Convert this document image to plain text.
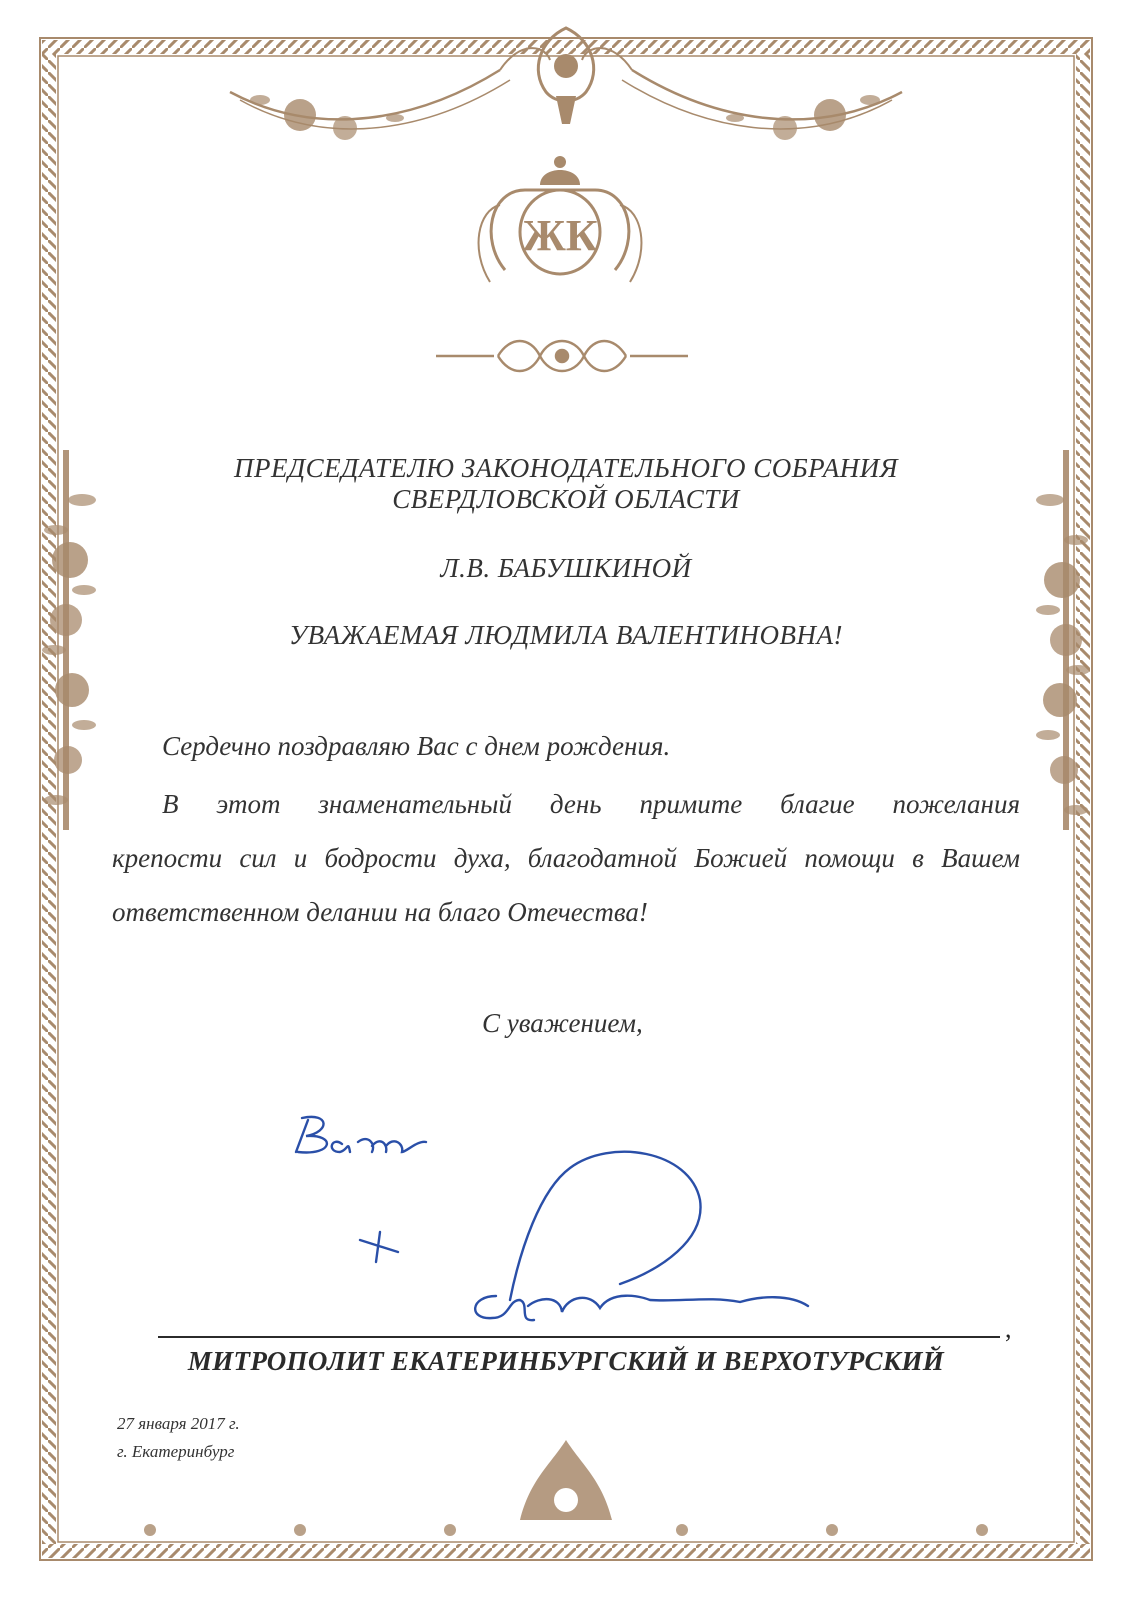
ЖК
ПРЕДСЕДАТЕЛЮ ЗАКОНОДАТЕЛЬНОГО СОБРАНИЯ
СВЕРДЛОВСКОЙ ОБЛАСТИ
Л.В. БАБУШКИНОЙ
УВАЖАЕМАЯ ЛЮДМИЛА ВАЛЕНТИНОВНА!
Сердечно поздравляю Вас с днем рождения.
В этот знаменательный день примите благие пожелания
крепости сил и бодрости духа, благодатной Божией помощи в Вашем
ответственном делании на благо Отечества!
С уважением,
,
МИТРОПОЛИТ ЕКАТЕРИНБУРГСКИЙ И ВЕРХОТУРСКИЙ
27 января 2017 г.
г. Екатеринбург
